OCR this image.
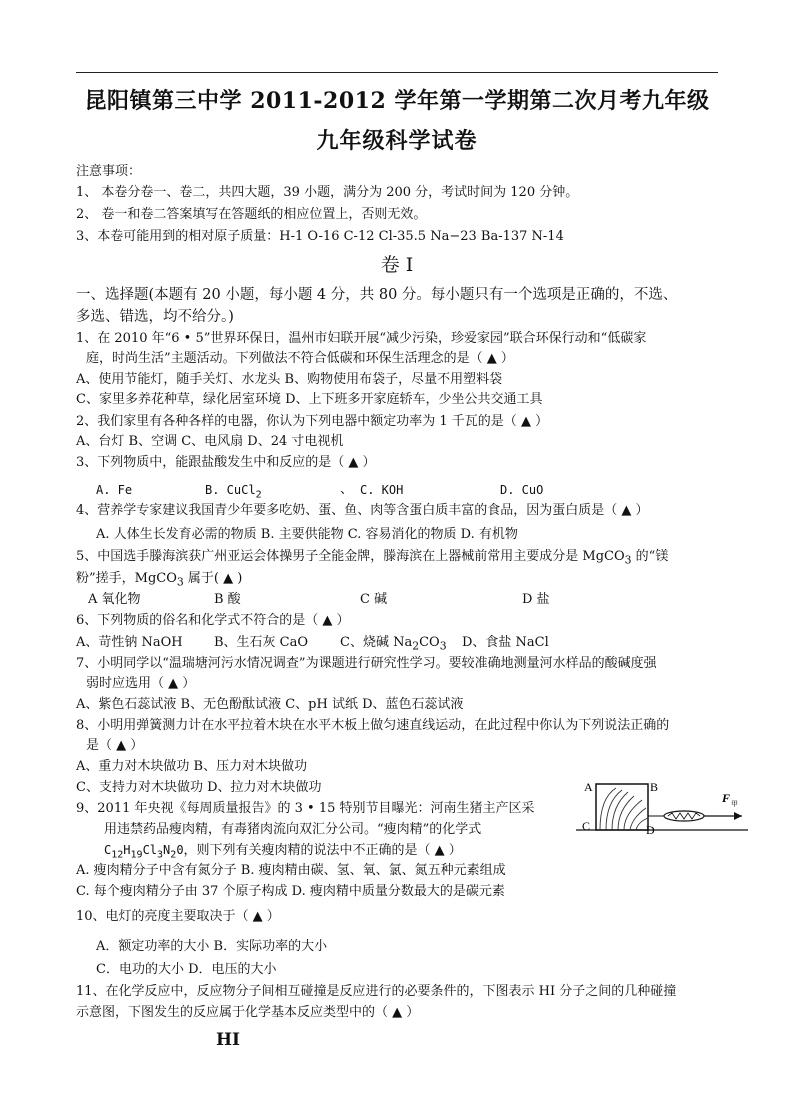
昆阳镇第三中学 2011-2012 学年第一学期第二次月考九年级
九年级科学试卷
注意事项：
1、 本卷分卷一、卷二，共四大题，39 小题，满分为 200 分，考试时间为 120 分钟。
2、 卷一和卷二答案填写在答题纸的相应位置上，否则无效。
3、本卷可能用到的相对原子质量：H-1 O-16 C-12 Cl-35.5 Na−23 Ba-137 N-14
卷 I
一、选择题(本题有 20 小题，每小题 4 分，共 80 分。每小题只有一个选项是正确的，不选、
多选、错选，均不给分。)
1、在 2010 年“6 • 5”世界环保日，温州市妇联开展“减少污染，珍爱家园”联合环保行动和“低碳家
庭，时尚生活”主题活动。下列做法不符合低碳和环保生活理念的是（ ▲ ）
A、使用节能灯，随手关灯、水龙头 B、购物使用布袋子，尽量不用塑料袋
C、家里多养花种草，绿化居室环境 D、上下班多开家庭轿车，少坐公共交通工具
2、我们家里有各种各样的电器，你认为下列电器中额定功率为 1 千瓦的是（ ▲ ）
A、台灯 B、空调 C、电风扇 D、24 寸电视机
3、下列物质中，能跟盐酸发生中和反应的是（ ▲ ）
A. Fe	B. CuCl$_2$	、 C. KOH	D. CuO
4、营养学专家建议我国青少年要多吃奶、蛋、鱼、肉等含蛋白质丰富的食品，因为蛋白质是（ ▲ ）
A. 人体生长发育必需的物质 B. 主要供能物 C. 容易消化的物质 D. 有机物
5、中国选手滕海滨获广州亚运会体操男子全能金牌，滕海滨在上器械前常用主要成分是 MgCO$_3$ 的“镁
粉”搓手，MgCO$_3$ 属于( ▲ )
A 氧化物	B 酸	C 碱	D 盐
6、下列物质的俗名和化学式不符合的是（ ▲ ）
A、苛性钠 NaOH B、生石灰 CaO C、烧碱 $Na_2CO_3$ D、食盐 NaCl
7、小明同学以“温瑞塘河污水情况调查”为课题进行研究性学习。要较准确地测量河水样品的酸碱度强
弱时应选用（ ▲ ）
A、紫色石蕊试液 B、无色酚酞试液 C、pH 试纸 D、蓝色石蕊试液
8、小明用弹簧测力计在水平拉着木块在水平木板上做匀速直线运动，在此过程中你认为下列说法正确的
是（ ▲ ）
A、重力对木块做功 B、压力对木块做功
C、支持力对木块做功 D、拉力对木块做功
9、2011 年央视《每周质量报告》的 3 • 15 特别节目曝光：河南生猪主产区采
用违禁药品瘦肉精，有毒猪肉流向双汇分公司。“瘦肉精”的化学式
$C_{12}H_{19}Cl_3N_20$，则下列有关瘦肉精的说法中不正确的是（ ▲ ）
A. 瘦肉精分子中含有氮分子 B. 瘦肉精由碳、氢、氧、氯、氮五种元素组成
C. 每个瘦肉精分子由 37 个原子构成 D. 瘦肉精中质量分数最大的是碳元素
A	B
C	D
F 甲
10、电灯的亮度主要取决于（ ▲ ）
A．额定功率的大小 B．实际功率的大小
C．电功的大小 D．电压的大小
11、在化学反应中，反应物分子间相互碰撞是反应进行的必要条件的，下图表示 HI 分子之间的几种碰撞
示意图，下图发生的反应属于化学基本反应类型中的（ ▲ ）
HI
